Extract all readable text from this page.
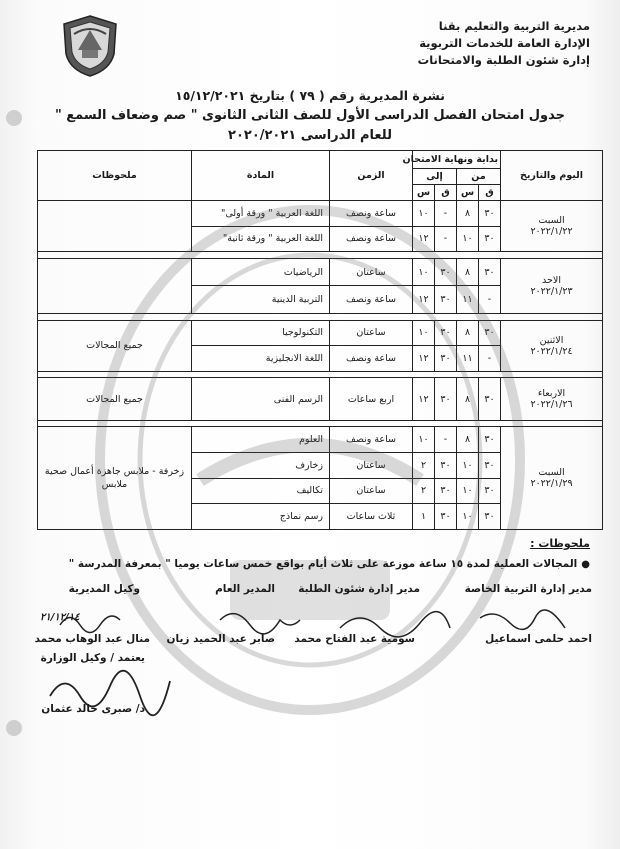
مديرية التربية والتعليم بقنا
الإدارة العامة للخدمات التربوية
إدارة شئون الطلبة والامتحانات
نشرة المديرية رقم ( ٧٩ ) بتاريخ ١٥/١٢/٢٠٢١
جدول امتحان الفصل الدراسى الأول للصف الثانى الثانوى " صم وضعاف السمع "
للعام الدراسى ٢٠٢٠/٢٠٢١
اليوم والتاريخ	بداية ونهاية الامتحان				الزمن	المادة	ملحوظات
	من		إلى				
	ق	س	ق	س			

السبت
٢٠٢٢/١/٢٢	٣٠	٨	-	١٠	ساعة ونصف	اللغة العربية " ورقة أولى"	
	٣٠	١٠	-	١٢	ساعة ونصف	اللغة العربية " ورقة ثانية"	

الاحد
٢٠٢٢/١/٢٣	٣٠	٨	٣٠	١٠	ساعتان	الرياضيات	
	-	١١	٣٠	١٢	ساعة ونصف	التربية الدينية	

الاثنين
٢٠٢٢/١/٢٤	٣٠	٨	٣٠	١٠	ساعتان	التكنولوجيا	جميع المجالات
	-	١١	٣٠	١٢	ساعة ونصف	اللغة الانجليزية	

الاربعاء
٢٠٢٢/١/٢٦	٣٠	٨	٣٠	١٢	اربع ساعات	الرسم الفنى	جميع المجالات

السبت
٢٠٢٢/١/٢٩	٣٠	٨	-	١٠	ساعة ونصف	العلوم	زخرفة - ملابس جاهزة أعمال صحية ملابس
	٣٠	١٠	٣٠	٢	ساعتان	زخارف	
	٣٠	١٠	٣٠	٢	ساعتان	تكاليف	
	٣٠	١٠	٣٠	١	ثلاث ساعات	رسم نماذج	
ملحوظات :
●المجالات العملية لمدة ١٥ ساعة موزعة على ثلاث أيام بواقع خمس ساعات يوميا " بمعرفة المدرسة "
مدير إدارة التربية الخاصة
مدير إدارة شئون الطلبة
المدير العام
وكيل المديرية
٢١/١٢/١٤
احمد حلمى اسماعيل
سومية عبد الفتاح محمد
صابر عبد الحميد زيان
منال عبد الوهاب محمد
يعتمد / وكيل الوزارة
د/ صبرى خالد عثمان
